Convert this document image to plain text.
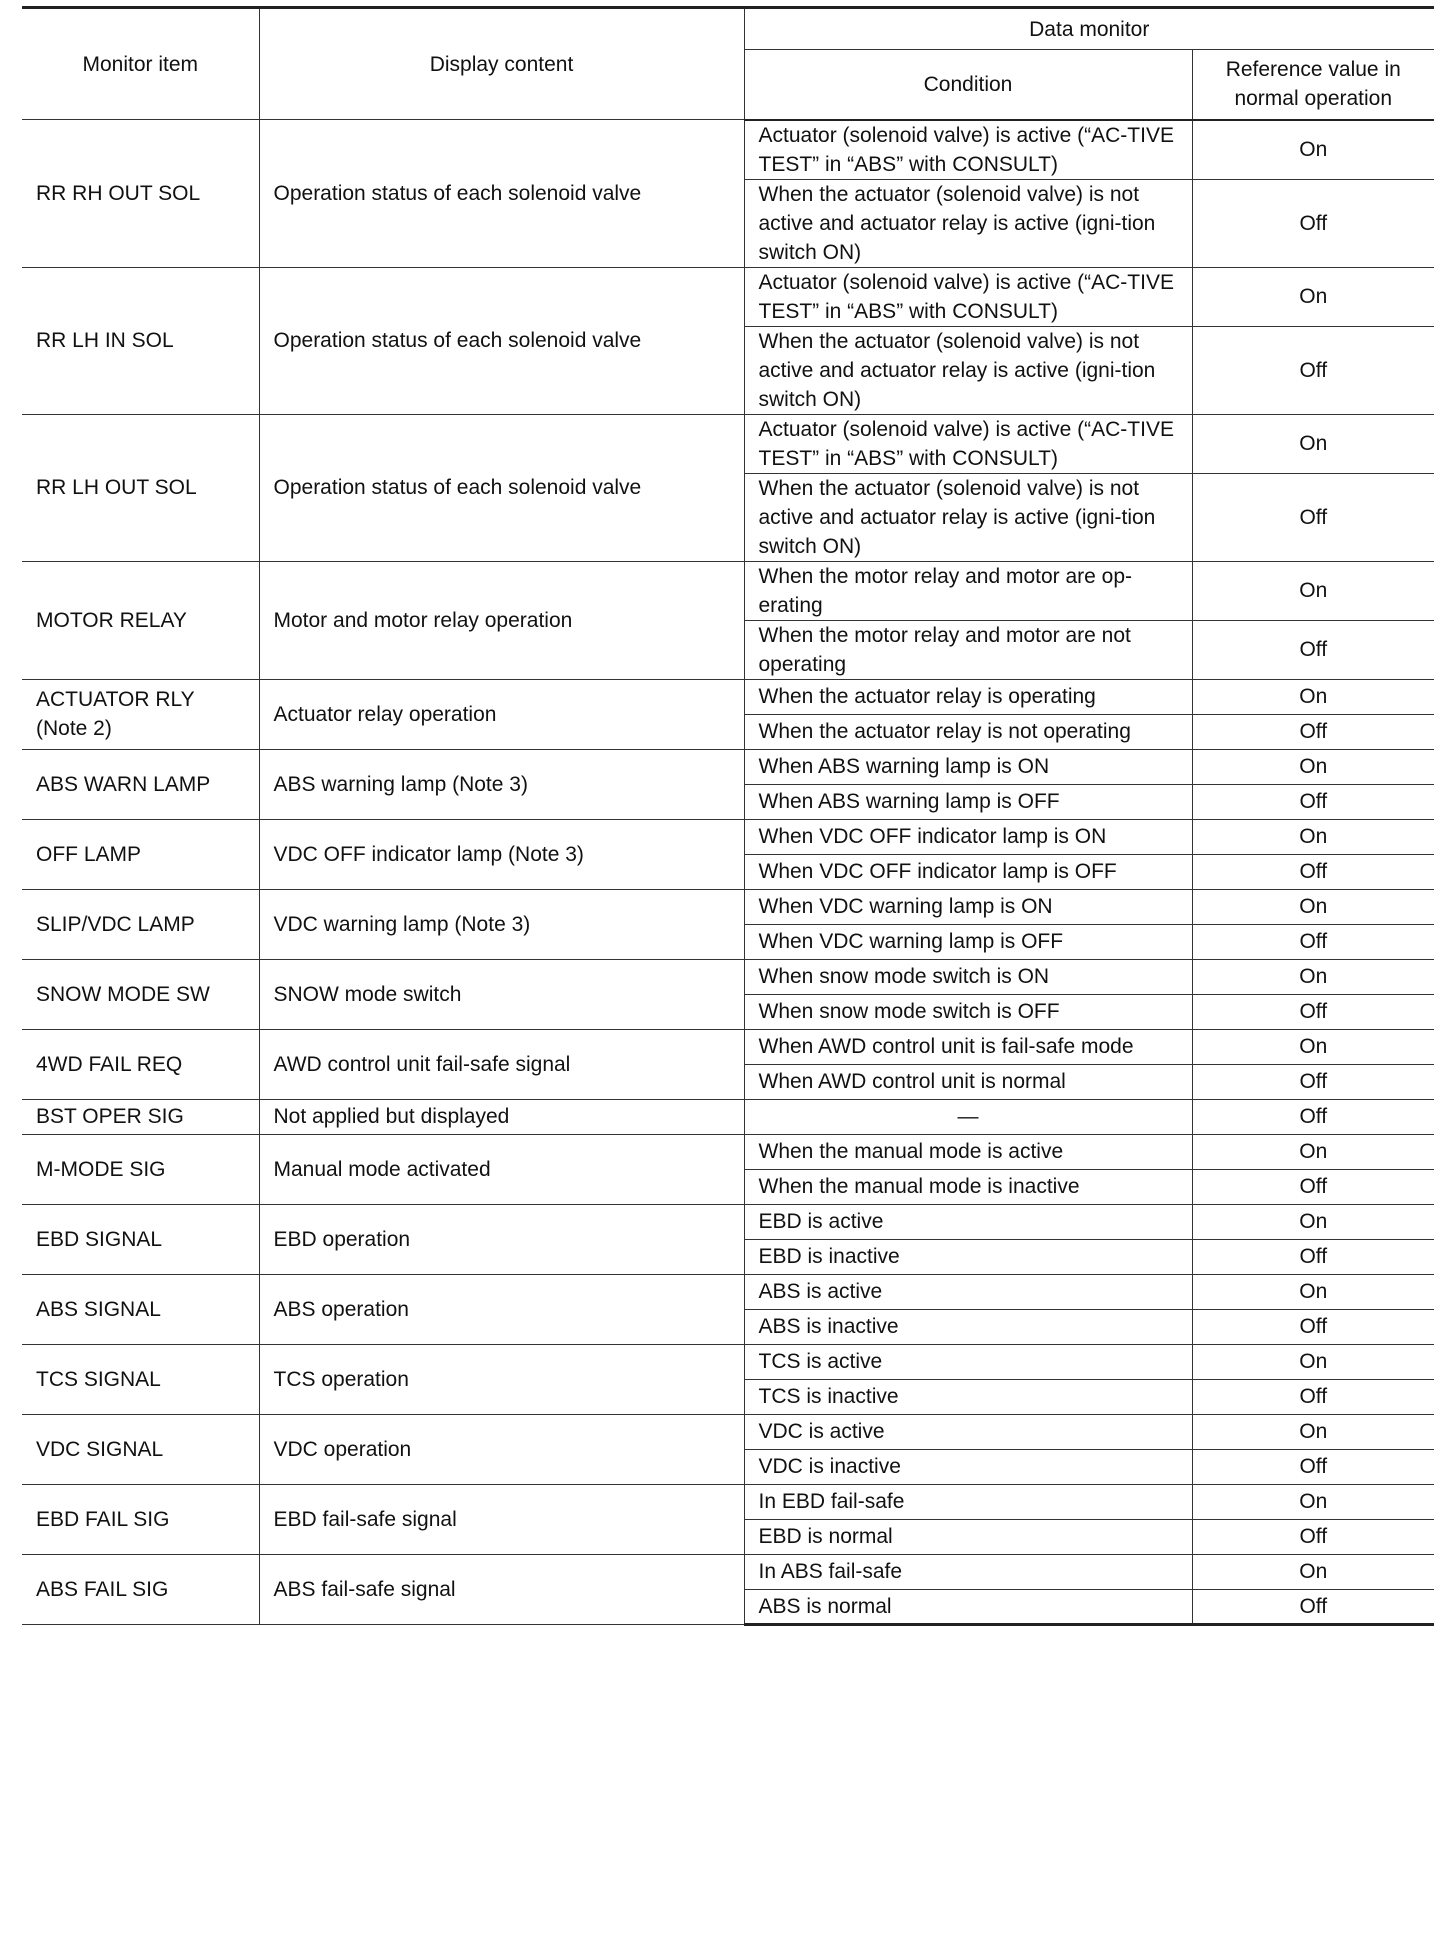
Monitor item	Display content	Data monitor	
		Condition	Reference value in normal operation
RR RH OUT SOL	Operation status of each solenoid valve	Actuator (solenoid valve) is active (“AC-TIVE TEST” in “ABS” with CONSULT)	On
		When the actuator (solenoid valve) is not active and actuator relay is active (igni-tion switch ON)	Off
RR LH IN SOL	Operation status of each solenoid valve	Actuator (solenoid valve) is active (“AC-TIVE TEST” in “ABS” with CONSULT)	On
		When the actuator (solenoid valve) is not active and actuator relay is active (igni-tion switch ON)	Off
RR LH OUT SOL	Operation status of each solenoid valve	Actuator (solenoid valve) is active (“AC-TIVE TEST” in “ABS” with CONSULT)	On
		When the actuator (solenoid valve) is not active and actuator relay is active (igni-tion switch ON)	Off
MOTOR RELAY	Motor and motor relay operation	When the motor relay and motor are op-erating	On
		When the motor relay and motor are not operating	Off
ACTUATOR RLY (Note 2)	Actuator relay operation	When the actuator relay is operating	On
		When the actuator relay is not operating	Off
ABS WARN LAMP	ABS warning lamp (Note 3)	When ABS warning lamp is ON	On
		When ABS warning lamp is OFF	Off
OFF LAMP	VDC OFF indicator lamp (Note 3)	When VDC OFF indicator lamp is ON	On
		When VDC OFF indicator lamp is OFF	Off
SLIP/VDC LAMP	VDC warning lamp (Note 3)	When VDC warning lamp is ON	On
		When VDC warning lamp is OFF	Off
SNOW MODE SW	SNOW mode switch	When snow mode switch is ON	On
		When snow mode switch is OFF	Off
4WD FAIL REQ	AWD control unit fail-safe signal	When AWD control unit is fail-safe mode	On
		When AWD control unit is normal	Off
BST OPER SIG	Not applied but displayed	—	Off
M-MODE SIG	Manual mode activated	When the manual mode is active	On
		When the manual mode is inactive	Off
EBD SIGNAL	EBD operation	EBD is active	On
		EBD is inactive	Off
ABS SIGNAL	ABS operation	ABS is active	On
		ABS is inactive	Off
TCS SIGNAL	TCS operation	TCS is active	On
		TCS is inactive	Off
VDC SIGNAL	VDC operation	VDC is active	On
		VDC is inactive	Off
EBD FAIL SIG	EBD fail-safe signal	In EBD fail-safe	On
		EBD is normal	Off
ABS FAIL SIG	ABS fail-safe signal	In ABS fail-safe	On
		ABS is normal	Off
